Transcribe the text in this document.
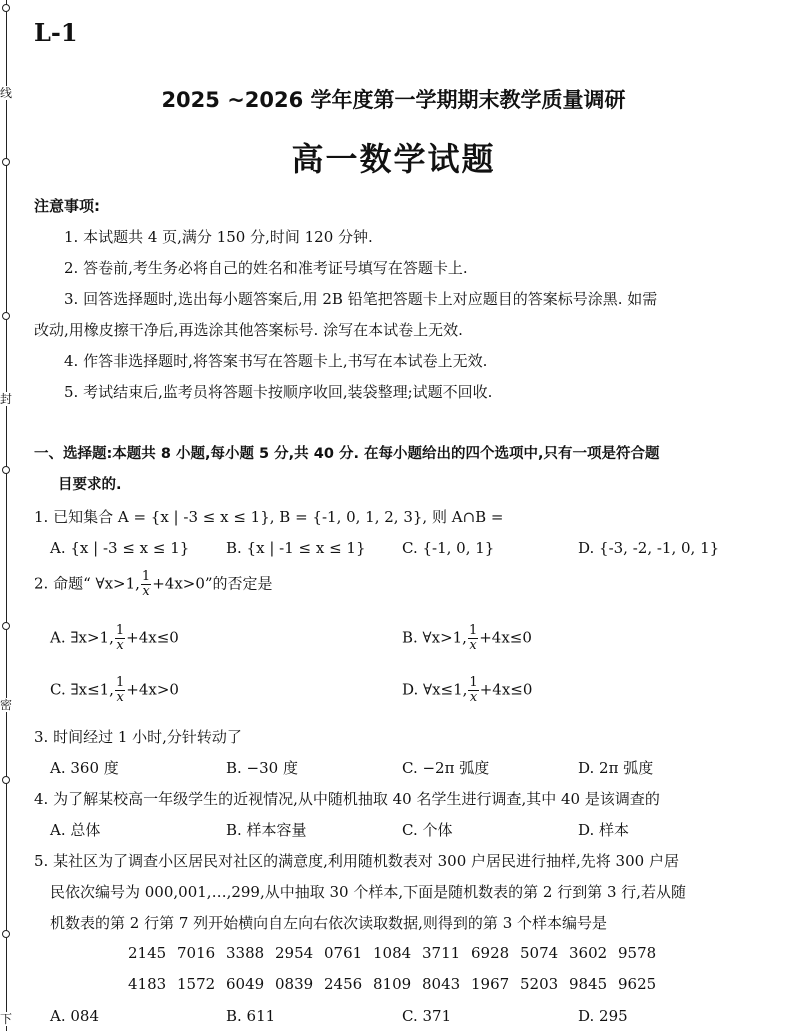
线
封
密
下
L-1
2025 ~2026 学年度第一学期期末教学质量调研
高一数学试题
注意事项:
1. 本试题共 4 页,满分 150 分,时间 120 分钟.
2. 答卷前,考生务必将自己的姓名和准考证号填写在答题卡上.
3. 回答选择题时,选出每小题答案后,用 2B 铅笔把答题卡上对应题目的答案标号涂黑. 如需
改动,用橡皮擦干净后,再选涂其他答案标号. 涂写在本试卷上无效.
4. 作答非选择题时,将答案书写在答题卡上,书写在本试卷上无效.
5. 考试结束后,监考员将答题卡按顺序收回,装袋整理;试题不回收.
一、选择题:本题共 8 小题,每小题 5 分,共 40 分. 在每小题给出的四个选项中,只有一项是符合题
目要求的.
1. 已知集合 A = {x | -3 ≤ x ≤ 1}, B = {-1, 0, 1, 2, 3}, 则 A∩B =
A. {x | -3 ≤ x ≤ 1} B. {x | -1 ≤ x ≤ 1} C. {-1, 0, 1}	D. {-3, -2, -1, 0, 1}
2. 命题“ ∀x>1, $\frac{1}{x} +4x>0$”的否定是
A. ∃x>1, $\frac{1}{x} +4x\le 0$	B. ∀x>1, $\frac{1}{x} +4x\le 0$
C. ∃x≤1, $\frac{1}{x} +4x>0$	D. ∀x≤1, $\frac{1}{x} +4x\le 0$
3. 时间经过 1 小时,分针转动了
A. 360 度	B. −30 度	C. −2π 弧度	D. 2π 弧度
4. 为了解某校高一年级学生的近视情况,从中随机抽取 40 名学生进行调查,其中 40 是该调查的
A. 总体	B. 样本容量	C. 个体	D. 样本
5. 某社区为了调查小区居民对社区的满意度,利用随机数表对 300 户居民进行抽样,先将 300 户居
民依次编号为 000,001,…,299,从中抽取 30 个样本,下面是随机数表的第 2 行到第 3 行,若从随
机数表的第 2 行第 7 列开始横向自左向右依次读取数据,则得到的第 3 个样本编号是
2145 7016 3388 2954 0761 1084 3711 6928 5074 3602 9578
4183 1572 6049 0839 2456 8109 8043 1967 5203 9845 9625
A. 084	B. 611	C. 371	D. 295
